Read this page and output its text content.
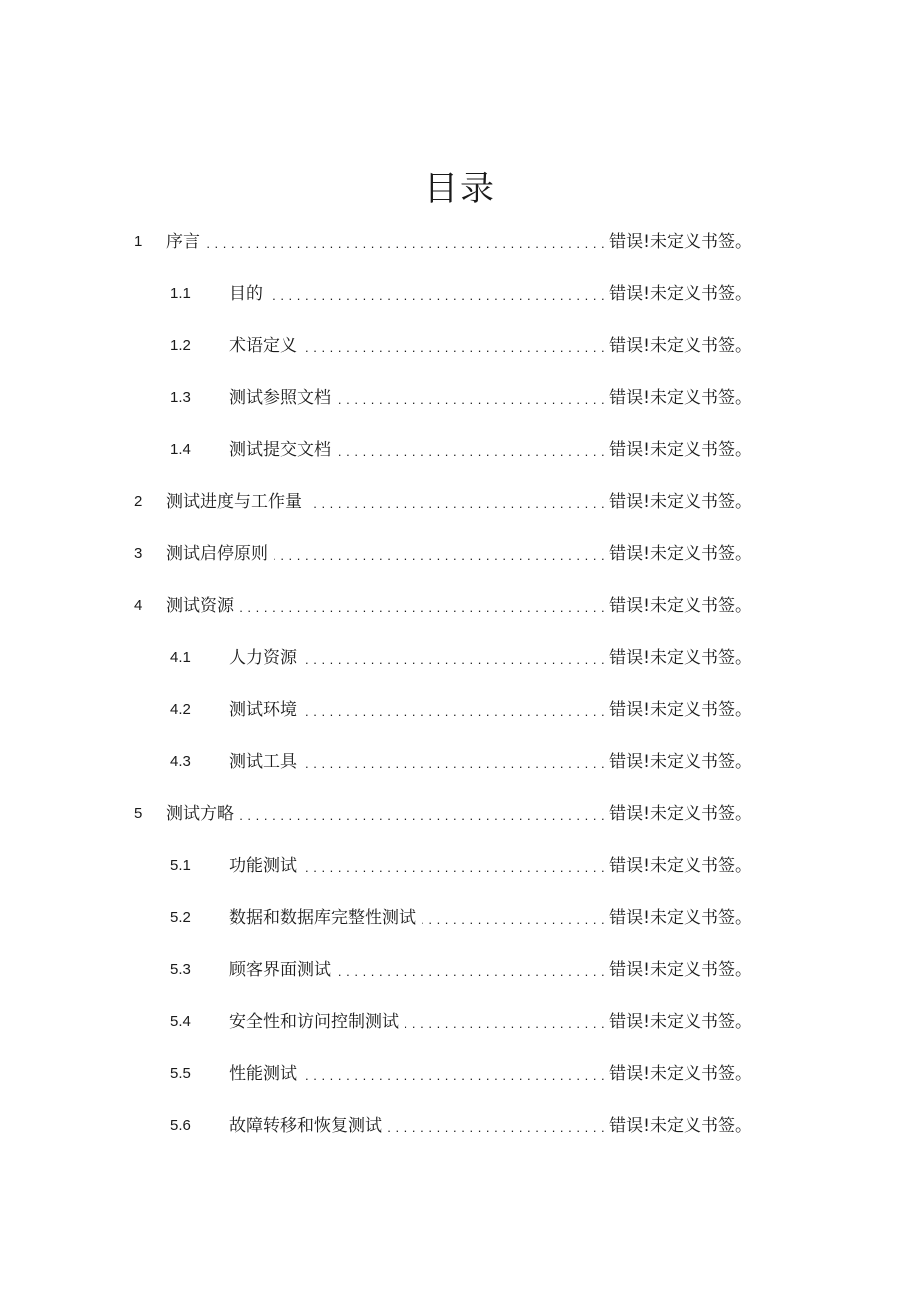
目录
1	序言 . . .	错误!未定义书签。
1.1	目的 . . .	错误!未定义书签。
1.2	术语定义 . . .	错误!未定义书签。
1.3	测试参照文档 . . .	错误!未定义书签。
1.4	测试提交文档 . . .	错误!未定义书签。
2	测试进度与工作量 . . .	错误!未定义书签。
3	测试启停原则 . . .	错误!未定义书签。
4	测试资源 . . .	错误!未定义书签。
4.1	人力资源 . . .	错误!未定义书签。
4.2	测试环境 . . .	错误!未定义书签。
4.3	测试工具 . . .	错误!未定义书签。
5	测试方略 . . .	错误!未定义书签。
5.1	功能测试 . . .	错误!未定义书签。
5.2	数据和数据库完整性测试 . . .	错误!未定义书签。
5.3	顾客界面测试 . . .	错误!未定义书签。
5.4	安全性和访问控制测试 . . .	错误!未定义书签。
5.5	性能测试 . . .	错误!未定义书签。
5.6	故障转移和恢复测试 . . .	错误!未定义书签。
